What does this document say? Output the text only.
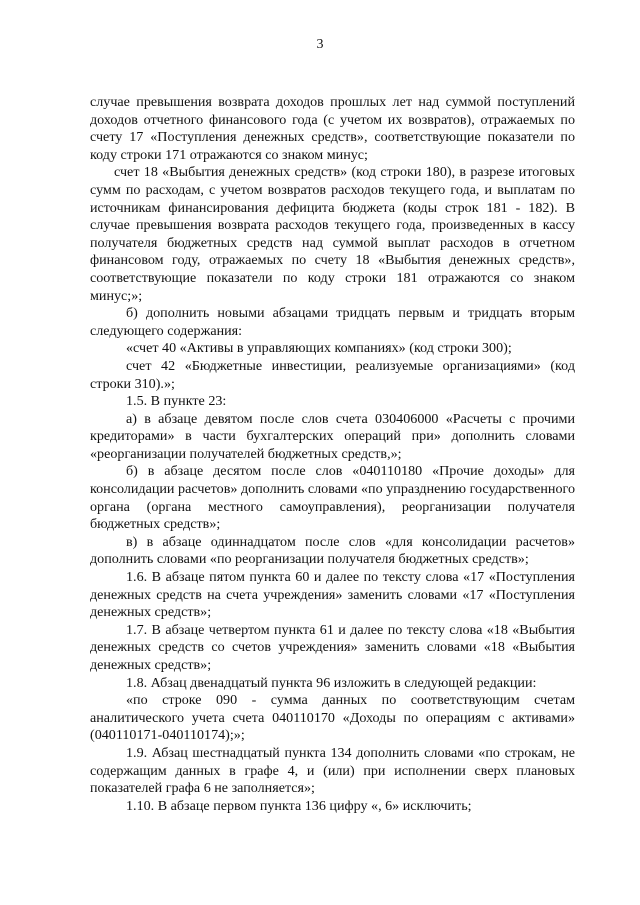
3

случае превышения возврата доходов прошлых лет над суммой поступлений доходов отчетного финансового года (с учетом их возвратов), отражаемых по счету 17 «Поступления денежных средств», соответствующие показатели по коду строки 171 отражаются со знаком минус;

счет 18 «Выбытия денежных средств» (код строки 180), в разрезе итоговых сумм по расходам, с учетом возвратов расходов текущего года, и выплатам по источникам финансирования дефицита бюджета (коды строк 181 - 182). В случае превышения возврата расходов текущего года, произведенных в кассу получателя бюджетных средств над суммой выплат расходов в отчетном финансовом году, отражаемых по счету 18 «Выбытия денежных средств», соответствующие показатели по коду строки 181 отражаются со знаком минус;»;

б) дополнить новыми абзацами тридцать первым и тридцать вторым следующего содержания:

«счет 40 «Активы в управляющих компаниях» (код строки 300);

счет 42 «Бюджетные инвестиции, реализуемые организациями» (код строки 310).»;

1.5. В пункте 23:

а) в абзаце девятом после слов счета 030406000 «Расчеты с прочими кредиторами» в части бухгалтерских операций при» дополнить словами «реорганизации получателей бюджетных средств,»;

б) в абзаце десятом после слов «040110180 «Прочие доходы» для консолидации расчетов» дополнить словами «по упразднению государственного органа (органа местного самоуправления), реорганизации получателя бюджетных средств»;

в) в абзаце одиннадцатом после слов «для консолидации расчетов» дополнить словами «по реорганизации получателя бюджетных средств»;

1.6. В абзаце пятом пункта 60 и далее по тексту слова «17 «Поступления денежных средств на счета учреждения» заменить словами «17 «Поступления денежных средств»;

1.7. В абзаце четвертом пункта 61 и далее по тексту слова «18 «Выбытия денежных средств со счетов учреждения» заменить словами «18 «Выбытия денежных средств»;

1.8. Абзац двенадцатый пункта 96 изложить в следующей редакции:

«по строке 090 - сумма данных по соответствующим счетам аналитического учета счета 040110170 «Доходы по операциям с активами» (040110171-040110174);»;

1.9. Абзац шестнадцатый пункта 134 дополнить словами «по строкам, не содержащим данных в графе 4, и (или) при исполнении сверх плановых показателей графа 6 не заполняется»;

1.10. В абзаце первом пункта 136 цифру «, 6» исключить;
